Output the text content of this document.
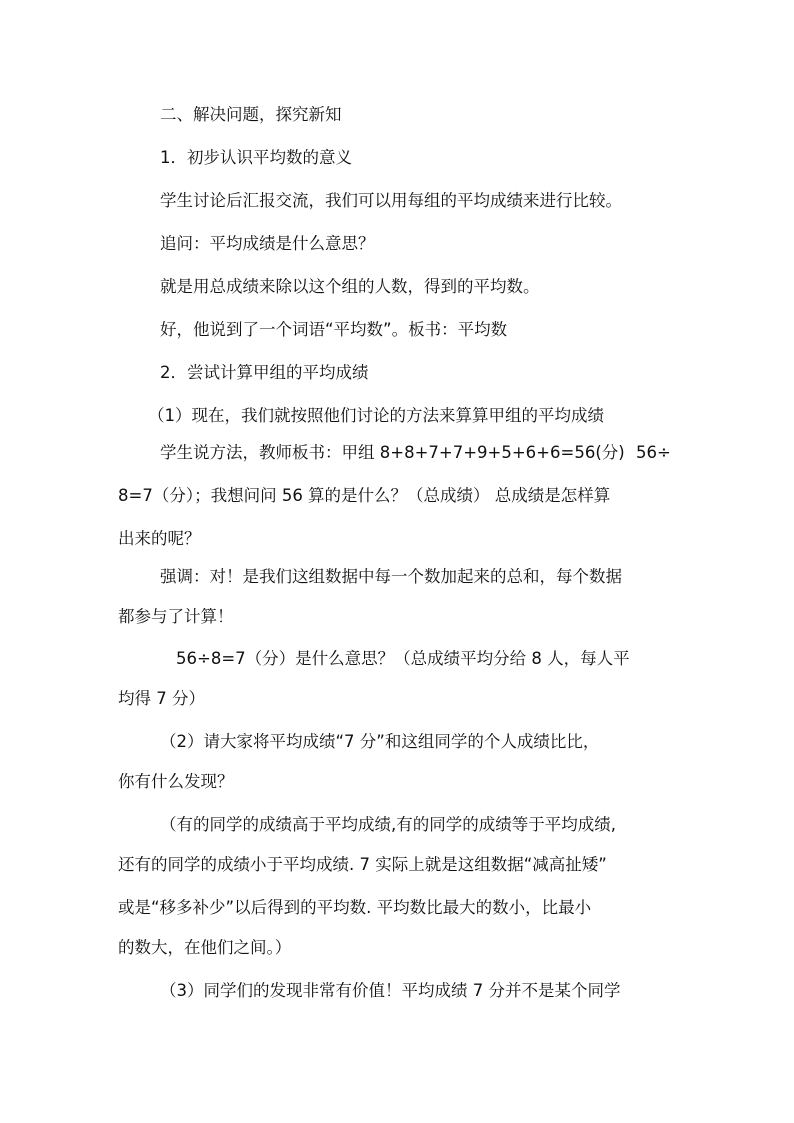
二、解决问题，探究新知
1．初步认识平均数的意义
学生讨论后汇报交流，我们可以用每组的平均成绩来进行比较。
追问：平均成绩是什么意思？
就是用总成绩来除以这个组的人数，得到的平均数。
好，他说到了一个词语“平均数”。板书：平均数
2．尝试计算甲组的平均成绩
（1）现在，我们就按照他们讨论的方法来算算甲组的平均成绩
学生说方法，教师板书：甲组 8+8+7+7+9+5+6+6=56(分) 56÷
8=7（分）；我想问问 56 算的是什么？（总成绩） 总成绩是怎样算
出来的呢？
强调：对！是我们这组数据中每一个数加起来的总和，每个数据
都参与了计算！
56÷8=7（分）是什么意思？（总成绩平均分给 8 人，每人平
均得 7 分）
（2）请大家将平均成绩“7 分”和这组同学的个人成绩比比，
你有什么发现？
（有的同学的成绩高于平均成绩,有的同学的成绩等于平均成绩,
还有的同学的成绩小于平均成绩. 7 实际上就是这组数据“减高扯矮”
或是“移多补少”以后得到的平均数. 平均数比最大的数小，比最小
的数大，在他们之间。）
（3）同学们的发现非常有价值！平均成绩 7 分并不是某个同学
